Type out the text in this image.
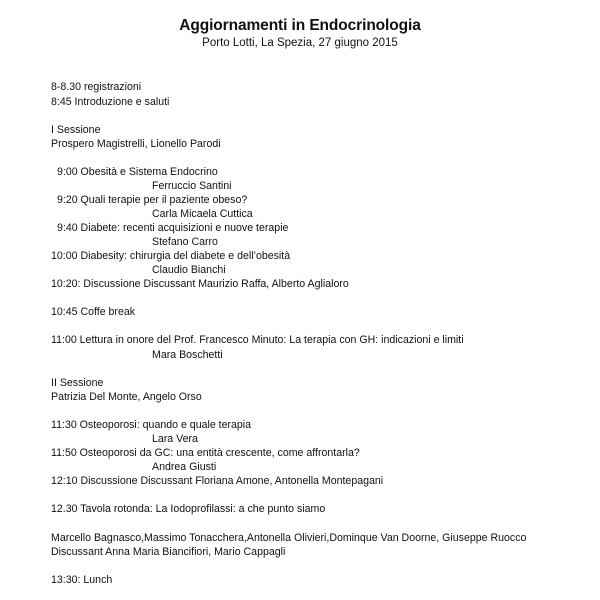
Aggiornamenti in Endocrinologia
Porto Lotti, La Spezia, 27 giugno 2015
8-8.30 registrazioni
8:45 Introduzione e saluti
I Sessione
Prospero Magistrelli, Lionello Parodi
9:00 Obesità e Sistema Endocrino
Ferruccio Santini
9:20 Quali terapie per il paziente obeso?
Carla Micaela Cuttica
9:40 Diabete: recenti acquisizioni e nuove terapie
Stefano Carro
10:00 Diabesity: chirurgia del diabete e dell’obesità
Claudio Bianchi
10:20: Discussione Discussant Maurizio Raffa, Alberto Aglialoro
10:45 Coffe break
11:00 Lettura in onore del Prof. Francesco Minuto: La terapia con GH: indicazioni e limiti
Mara Boschetti
II Sessione
Patrizia Del Monte, Angelo Orso
11:30 Osteoporosi: quando e quale terapia
Lara Vera
11:50 Osteoporosi da GC: una entità crescente, come affrontarla?
Andrea Giusti
12:10 Discussione Discussant Floriana Amone, Antonella Montepagani
12.30 Tavola rotonda: La Iodoprofilassi: a che punto siamo
Marcello Bagnasco,Massimo Tonacchera,Antonella Olivieri,Dominque Van Doorne, Giuseppe Ruocco
Discussant Anna Maria Biancifiori, Mario Cappagli
13:30: Lunch
